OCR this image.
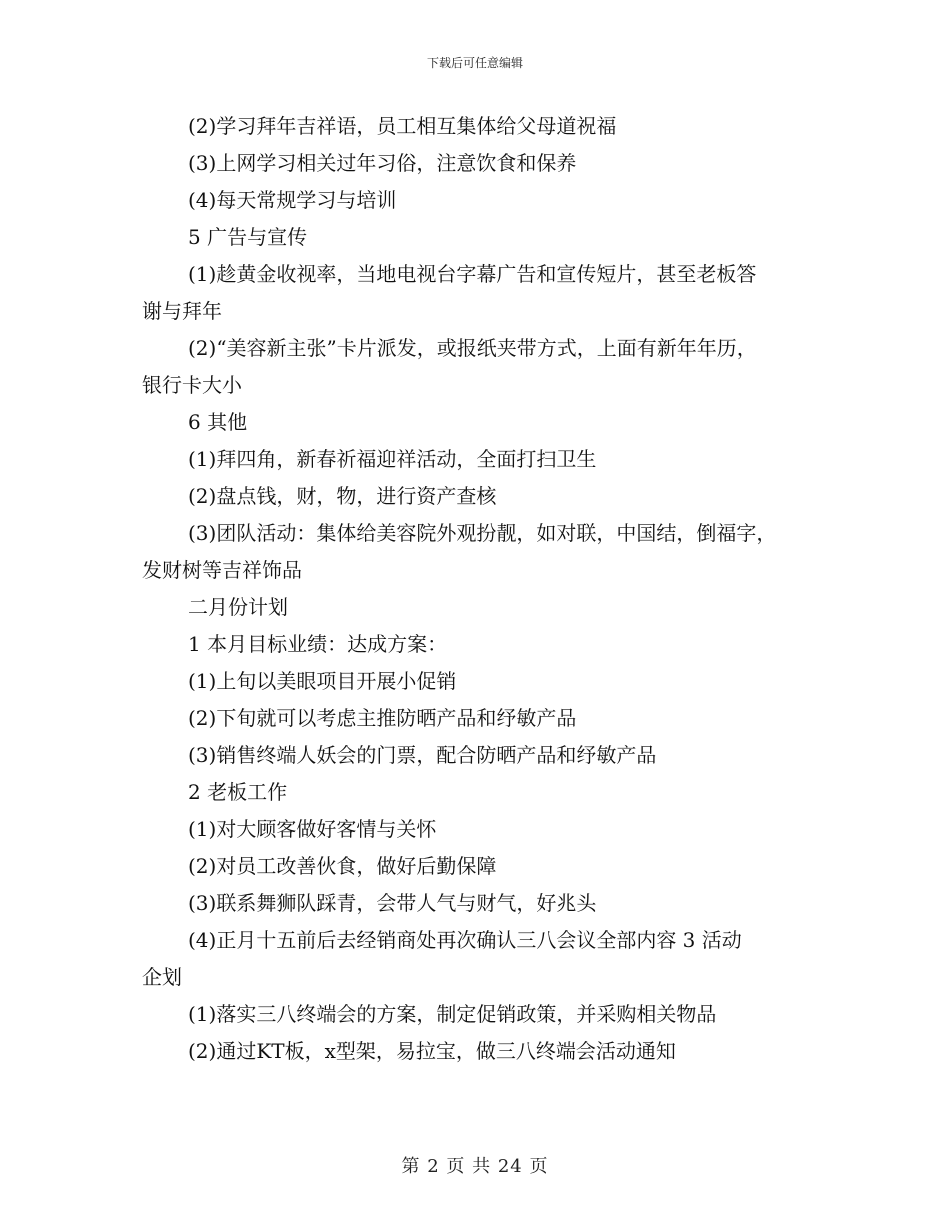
下载后可任意编辑
(2)学习拜年吉祥语，员工相互集体给父母道祝福
(3)上网学习相关过年习俗，注意饮食和保养
(4)每天常规学习与培训
5 广告与宣传
(1)趁黄金收视率，当地电视台字幕广告和宣传短片，甚至老板答
谢与拜年
(2)“美容新主张”卡片派发，或报纸夹带方式，上面有新年年历，
银行卡大小
6 其他
(1)拜四角，新春祈福迎祥活动，全面打扫卫生
(2)盘点钱，财，物，进行资产查核
(3)团队活动：集体给美容院外观扮靓，如对联，中国结，倒福字，
发财树等吉祥饰品
二月份计划
1 本月目标业绩：达成方案：
(1)上旬以美眼项目开展小促销
(2)下旬就可以考虑主推防晒产品和纾敏产品
(3)销售终端人妖会的门票，配合防晒产品和纾敏产品
2 老板工作
(1)对大顾客做好客情与关怀
(2)对员工改善伙食，做好后勤保障
(3)联系舞狮队踩青，会带人气与财气，好兆头
(4)正月十五前后去经销商处再次确认三八会议全部内容 3 活动
企划
(1)落实三八终端会的方案，制定促销政策，并采购相关物品
(2)通过KT板，x型架，易拉宝，做三八终端会活动通知
第 2 页 共 24 页
